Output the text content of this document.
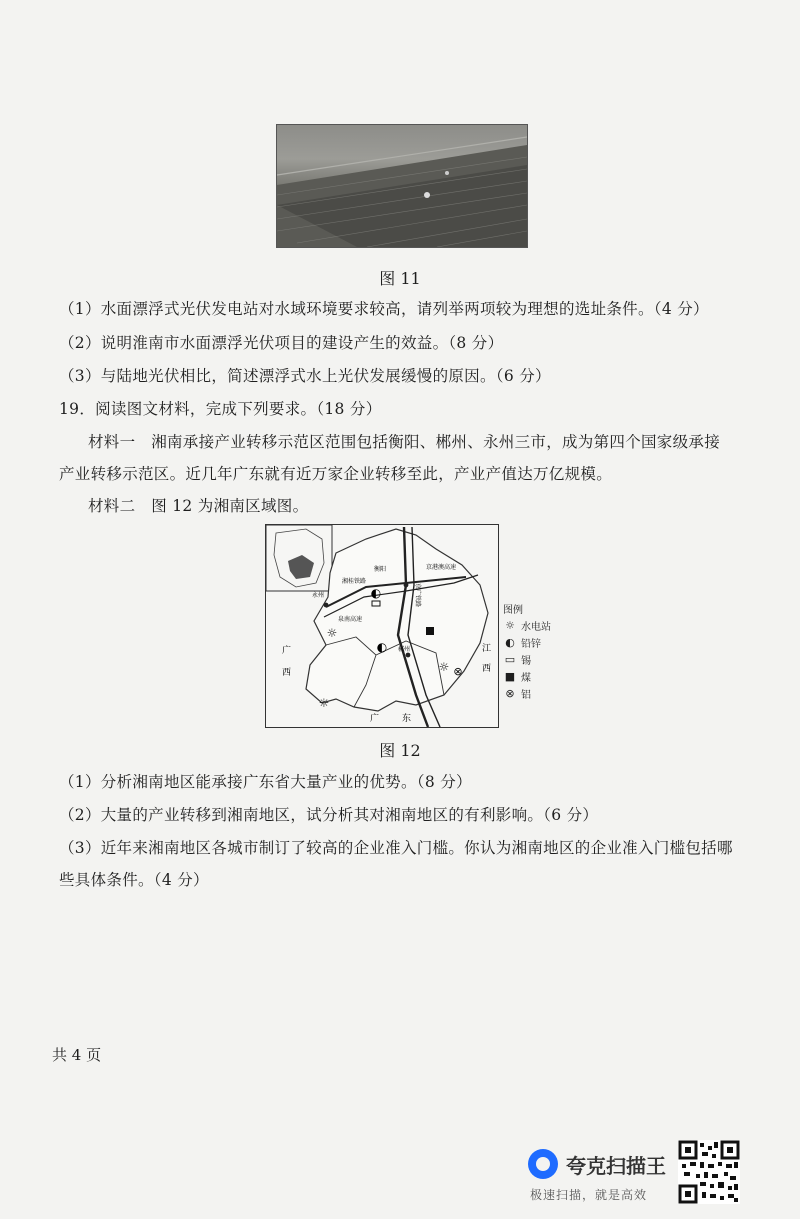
图 11
（1）水面漂浮式光伏发电站对水域环境要求较高，请列举两项较为理想的选址条件。（4 分）
（2）说明淮南市水面漂浮光伏项目的建设产生的效益。（8 分）
（3）与陆地光伏相比，简述漂浮式水上光伏发展缓慢的原因。（6 分）
19．阅读图文材料，完成下列要求。（18 分）
材料一　湘南承接产业转移示范区范围包括衡阳、郴州、永州三市，成为第四个国家级承接
产业转移示范区。近几年广东就有近万家企业转移至此，产业产值达万亿规模。
材料二　图 12 为湘南区域图。
◐
◐
☼
☼
☼
⊗
衡阳
永州
郴州
湘桂铁路
泉南高速
京港澳高速
京广铁路
广
西
江
西
广	东
图例
☼ 水电站
◐ 铅锌
▭ 锡
■ 煤
⊗ 铝
图 12
（1）分析湘南地区能承接广东省大量产业的优势。（8 分）
（2）大量的产业转移到湘南地区，试分析其对湘南地区的有利影响。（6 分）
（3）近年来湘南地区各城市制订了较高的企业准入门槛。你认为湘南地区的企业准入门槛包括哪
些具体条件。（4 分）
共 4 页
夸克扫描王
极速扫描，就是高效
